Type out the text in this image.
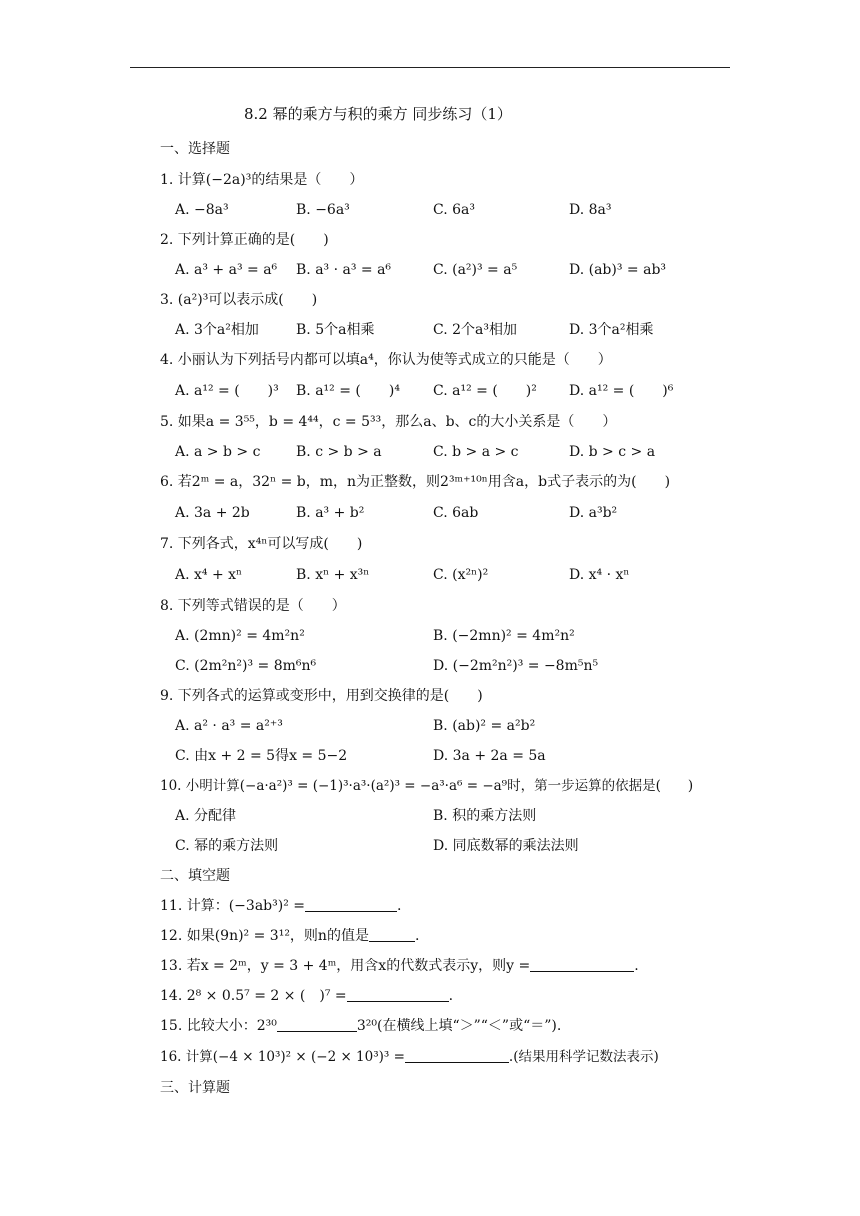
8.2 幂的乘方与积的乘方 同步练习（1）
一、选择题
1. 计算(−2a)³的结果是（　　）
A. −8a³	B. −6a³	C. 6a³	D. 8a³
2. 下列计算正确的是(　　)
A. a³ + a³ = a⁶ B. a³ · a³ = a⁶	C. (a²)³ = a⁵	D. (ab)³ = ab³
3. (a²)³可以表示成(　　)
A. 3个a²相加	B. 5个a相乘	C. 2个a³相加	D. 3个a²相乘
4. 小丽认为下列括号内都可以填a⁴，你认为使等式成立的只能是（　　）
A. a¹² = (　　)³ B. a¹² = (　　)⁴ C. a¹² = (　　)² D. a¹² = (　　)⁶
5. 如果a = 3⁵⁵，b = 4⁴⁴，c = 5³³，那么a、b、c的大小关系是（　　）
A. a > b > c	B. c > b > a	C. b > a > c	D. b > c > a
6. 若2ᵐ = a，32ⁿ = b，m，n为正整数，则2³ᵐ⁺¹⁰ⁿ用含a，b式子表示的为(　　)
A. 3a + 2b	B. a³ + b²	C. 6ab	D. a³b²
7. 下列各式，x⁴ⁿ可以写成(　　)
A. x⁴ + xⁿ	B. xⁿ + x³ⁿ	C. (x²ⁿ)²	D. x⁴ · xⁿ
8. 下列等式错误的是（　　）
A. (2mn)² = 4m²n²	B. (−2mn)² = 4m²n²
C. (2m²n²)³ = 8m⁶n⁶	D. (−2m²n²)³ = −8m⁵n⁵
9. 下列各式的运算或变形中，用到交换律的是(　　)
A. a² · a³ = a²⁺³	B. (ab)² = a²b²
C. 由x + 2 = 5得x = 5−2	D. 3a + 2a = 5a
10. 小明计算(−a·a²)³ = (−1)³·a³·(a²)³ = −a³·a⁶ = −a⁹时，第一步运算的依据是(　　)
A. 分配律	B. 积的乘方法则
C. 幂的乘方法则	D. 同底数幂的乘法法则
二、填空题
11. 计算：(−3ab³)² =	.
12. 如果(9n)² = 3¹²，则n的值是	.
13. 若x = 2ᵐ，y = 3 + 4ᵐ，用含x的代数式表示y，则y =	.
14. 2⁸ × 0.5⁷ = 2 × (　)⁷ =	.
15. 比较大小：2³⁰	3²⁰(在横线上填“＞”“＜”或“＝”).
16. 计算(−4 × 10³)² × (−2 × 10³)³ =	.(结果用科学记数法表示)
三、计算题
